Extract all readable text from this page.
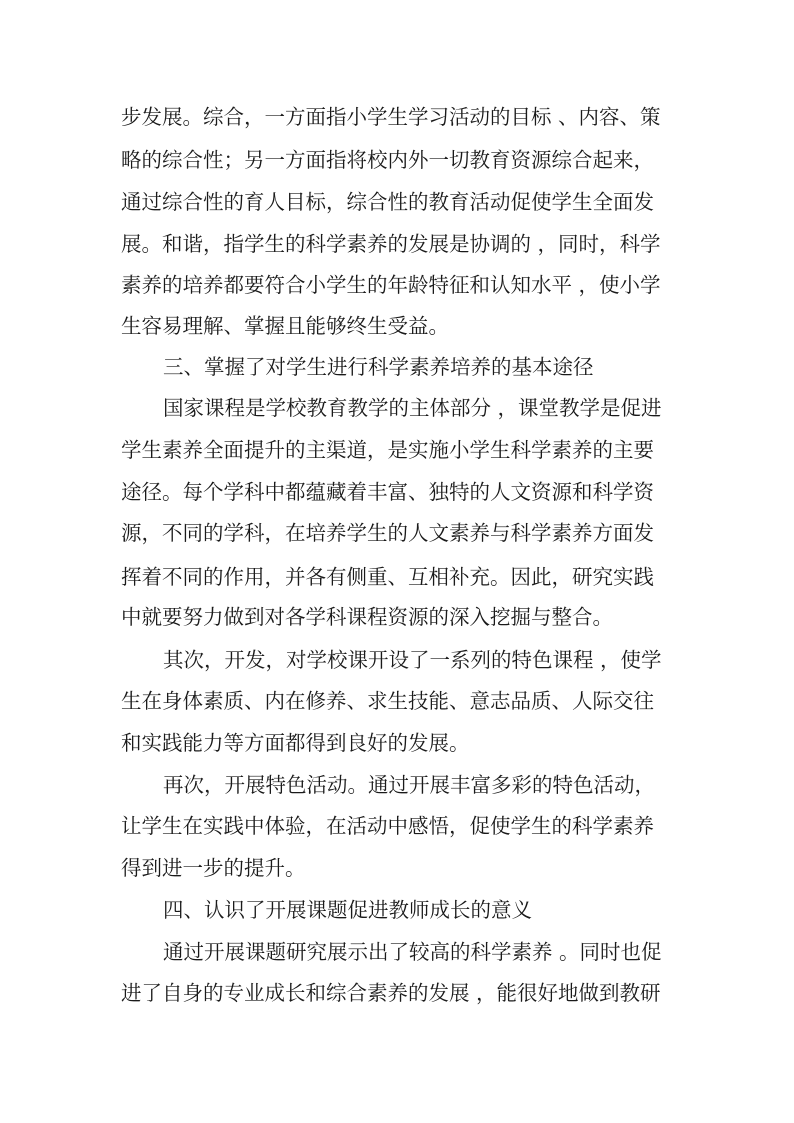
步发展。综合，一方面指小学生学习活动的目标 、内容、策
略的综合性；另一方面指将校内外一切教育资源综合起来，
通过综合性的育人目标，综合性的教育活动促使学生全面发
展。和谐，指学生的科学素养的发展是协调的 ，同时，科学
素养的培养都要符合小学生的年龄特征和认知水平 ，使小学
生容易理解、掌握且能够终生受益。
三、掌握了对学生进行科学素养培养的基本途径
国家课程是学校教育教学的主体部分 ，课堂教学是促进
学生素养全面提升的主渠道，是实施小学生科学素养的主要
途径。每个学科中都蕴藏着丰富、独特的人文资源和科学资
源，不同的学科，在培养学生的人文素养与科学素养方面发
挥着不同的作用，并各有侧重、互相补充。因此，研究实践
中就要努力做到对各学科课程资源的深入挖掘与整合。
其次，开发，对学校课开设了一系列的特色课程 ，使学
生在身体素质、内在修养、求生技能、意志品质、人际交往
和实践能力等方面都得到良好的发展。
再次，开展特色活动。通过开展丰富多彩的特色活动，
让学生在实践中体验，在活动中感悟，促使学生的科学素养
得到进一步的提升。
四、认识了开展课题促进教师成长的意义
通过开展课题研究展示出了较高的科学素养 。同时也促
进了自身的专业成长和综合素养的发展 ，能很好地做到教研
